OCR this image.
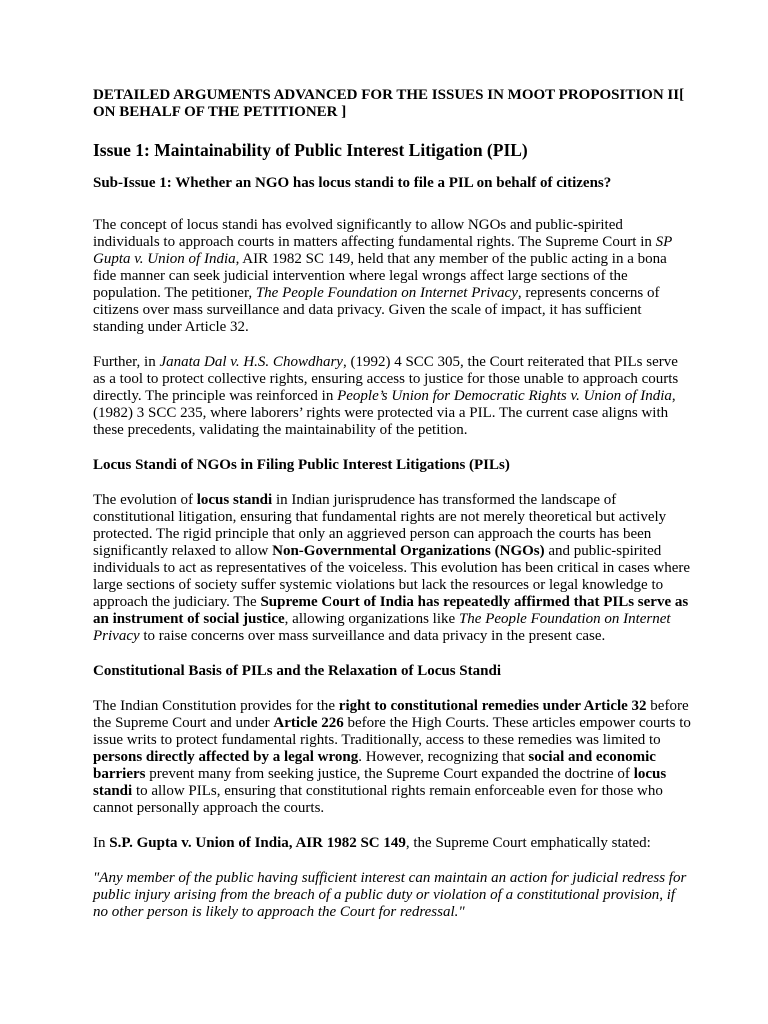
DETAILED ARGUMENTS ADVANCED FOR THE ISSUES IN MOOT PROPOSITION II[ ON BEHALF OF THE PETITIONER ]

Issue 1: Maintainability of Public Interest Litigation (PIL)

Sub-Issue 1: Whether an NGO has locus standi to file a PIL on behalf of citizens?

The concept of locus standi has evolved significantly to allow NGOs and public-spirited individuals to approach courts in matters affecting fundamental rights. The Supreme Court in SP Gupta v. Union of India, AIR 1982 SC 149, held that any member of the public acting in a bona fide manner can seek judicial intervention where legal wrongs affect large sections of the population. The petitioner, The People Foundation on Internet Privacy, represents concerns of citizens over mass surveillance and data privacy. Given the scale of impact, it has sufficient standing under Article 32.

Further, in Janata Dal v. H.S. Chowdhary, (1992) 4 SCC 305, the Court reiterated that PILs serve as a tool to protect collective rights, ensuring access to justice for those unable to approach courts directly. The principle was reinforced in People’s Union for Democratic Rights v. Union of India, (1982) 3 SCC 235, where laborers’ rights were protected via a PIL. The current case aligns with these precedents, validating the maintainability of the petition.

Locus Standi of NGOs in Filing Public Interest Litigations (PILs)

The evolution of locus standi in Indian jurisprudence has transformed the landscape of constitutional litigation, ensuring that fundamental rights are not merely theoretical but actively protected. The rigid principle that only an aggrieved person can approach the courts has been significantly relaxed to allow Non-Governmental Organizations (NGOs) and public-spirited individuals to act as representatives of the voiceless. This evolution has been critical in cases where large sections of society suffer systemic violations but lack the resources or legal knowledge to approach the judiciary. The Supreme Court of India has repeatedly affirmed that PILs serve as an instrument of social justice, allowing organizations like The People Foundation on Internet Privacy to raise concerns over mass surveillance and data privacy in the present case.

Constitutional Basis of PILs and the Relaxation of Locus Standi

The Indian Constitution provides for the right to constitutional remedies under Article 32 before the Supreme Court and under Article 226 before the High Courts. These articles empower courts to issue writs to protect fundamental rights. Traditionally, access to these remedies was limited to persons directly affected by a legal wrong. However, recognizing that social and economic barriers prevent many from seeking justice, the Supreme Court expanded the doctrine of locus standi to allow PILs, ensuring that constitutional rights remain enforceable even for those who cannot personally approach the courts.

In S.P. Gupta v. Union of India, AIR 1982 SC 149, the Supreme Court emphatically stated:

"Any member of the public having sufficient interest can maintain an action for judicial redress for public injury arising from the breach of a public duty or violation of a constitutional provision, if no other person is likely to approach the Court for redressal."
